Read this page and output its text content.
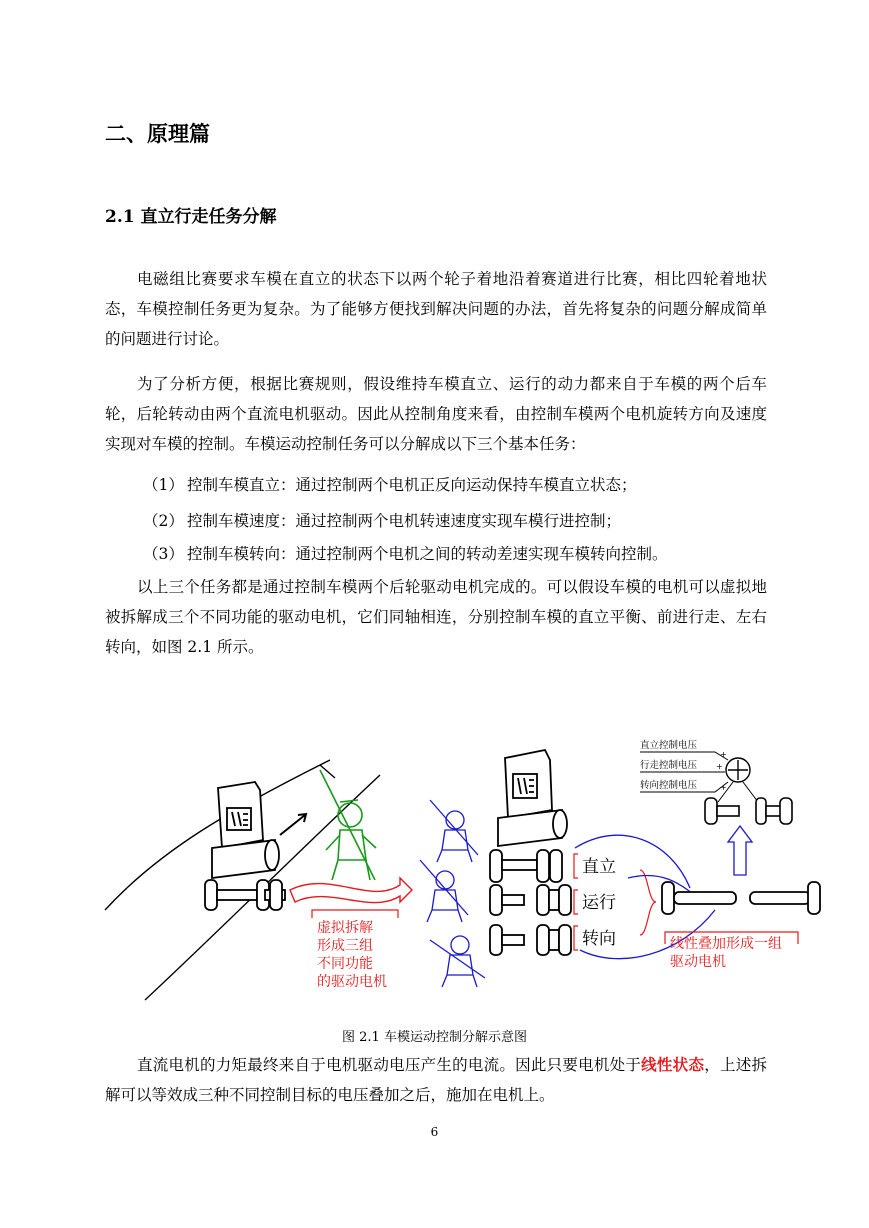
二、原理篇
2.1 直立行走任务分解
电磁组比赛要求车模在直立的状态下以两个轮子着地沿着赛道进行比赛，相比四轮着地状态，车模控制任务更为复杂。为了能够方便找到解决问题的办法，首先将复杂的问题分解成简单的问题进行讨论。
为了分析方便，根据比赛规则，假设维持车模直立、运行的动力都来自于车模的两个后车轮，后轮转动由两个直流电机驱动。因此从控制角度来看，由控制车模两个电机旋转方向及速度实现对车模的控制。车模运动控制任务可以分解成以下三个基本任务：
（1） 控制车模直立：通过控制两个电机正反向运动保持车模直立状态；
（2） 控制车模速度：通过控制两个电机转速速度实现车模行进控制；
（3） 控制车模转向：通过控制两个电机之间的转动差速实现车模转向控制。
以上三个任务都是通过控制车模两个后轮驱动电机完成的。可以假设车模的电机可以虚拟地被拆解成三个不同功能的驱动电机，它们同轴相连，分别控制车模的直立平衡、前进行走、左右转向，如图 2.1 所示。
虚拟拆解
形成三组
不同功能
的驱动电机
直立
运行
转向	线性叠加形成一组
驱动电机
直立控制电压
行走控制电压
转向控制电压
+
+
+
图 2.1 车模运动控制分解示意图
直流电机的力矩最终来自于电机驱动电压产生的电流。因此只要电机处于线性状态，上述拆解可以等效成三种不同控制目标的电压叠加之后，施加在电机上。
6
